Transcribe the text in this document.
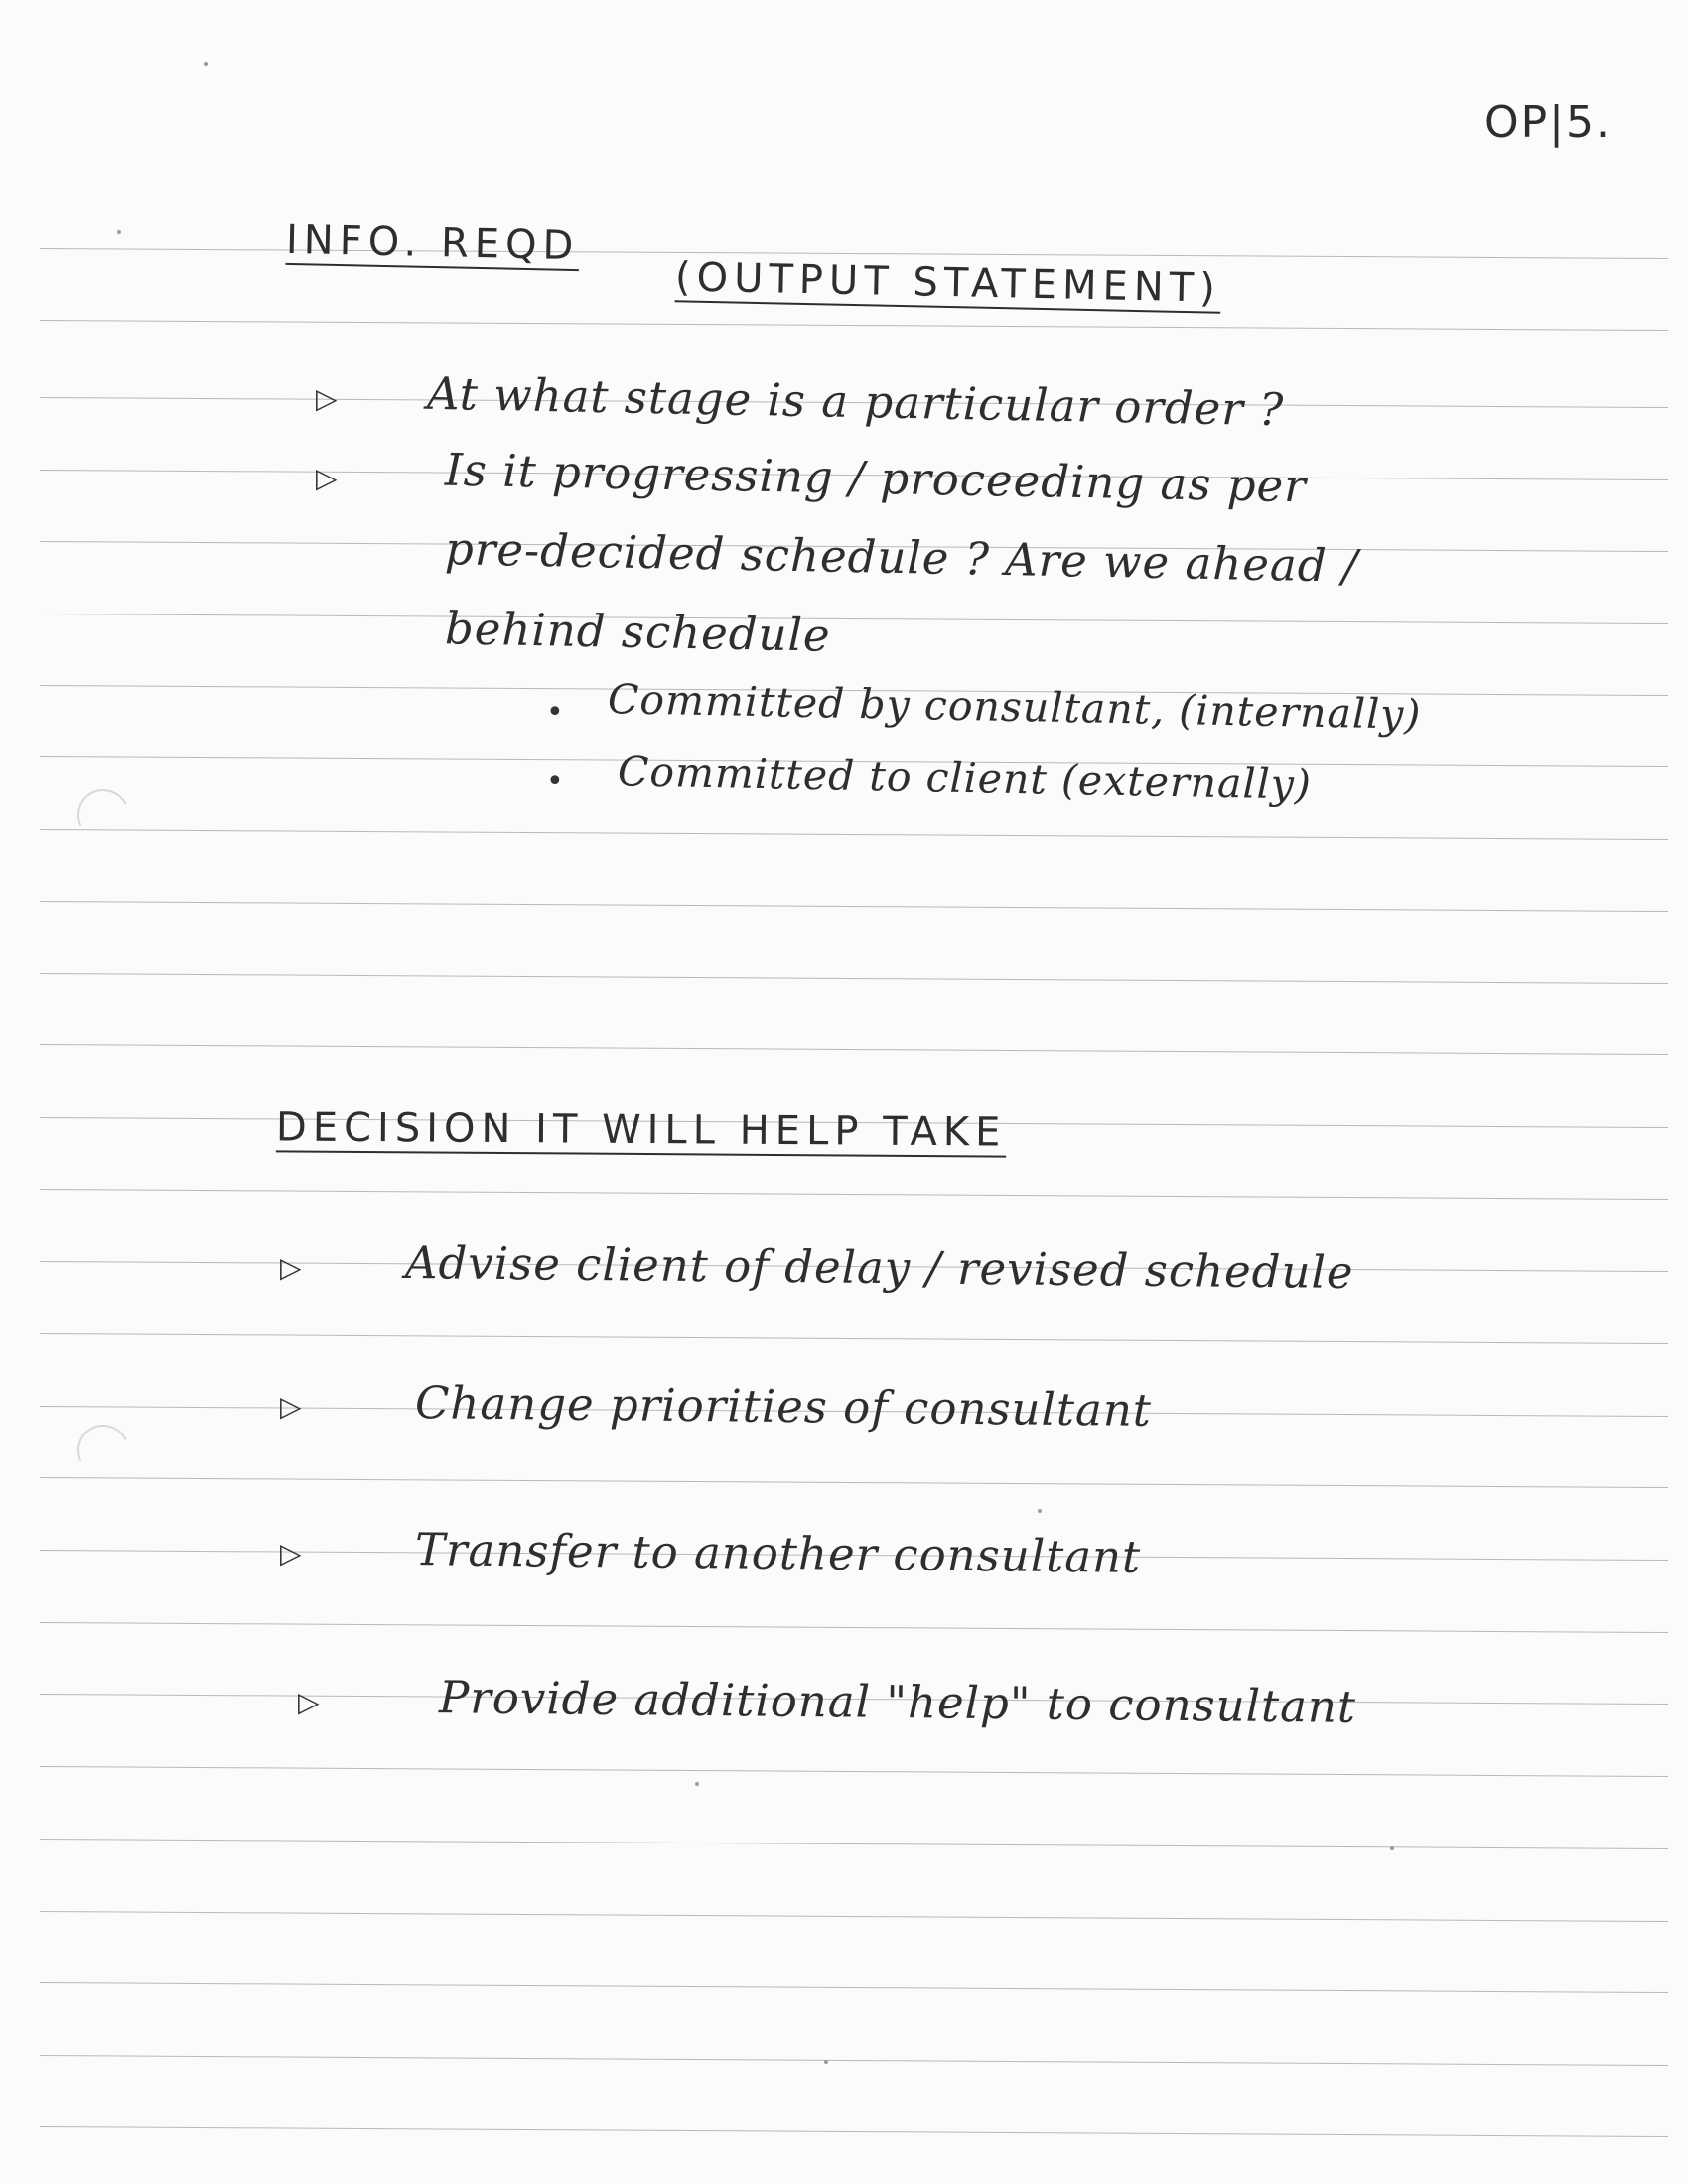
OP|5.
INFO. REQD
(OUTPUT STATEMENT)
▷ At what stage is a particular order ?
▷ Is it progressing / proceeding as per
pre-decided schedule ? Are we ahead /
behind schedule
• Committed by consultant, (internally)
• Committed to client (externally)
DECISION IT WILL HELP TAKE
▷ Advise client of delay / revised schedule
▷	Change priorities of consultant
▷	Transfer to another consultant
▷	Provide additional "help" to consultant
